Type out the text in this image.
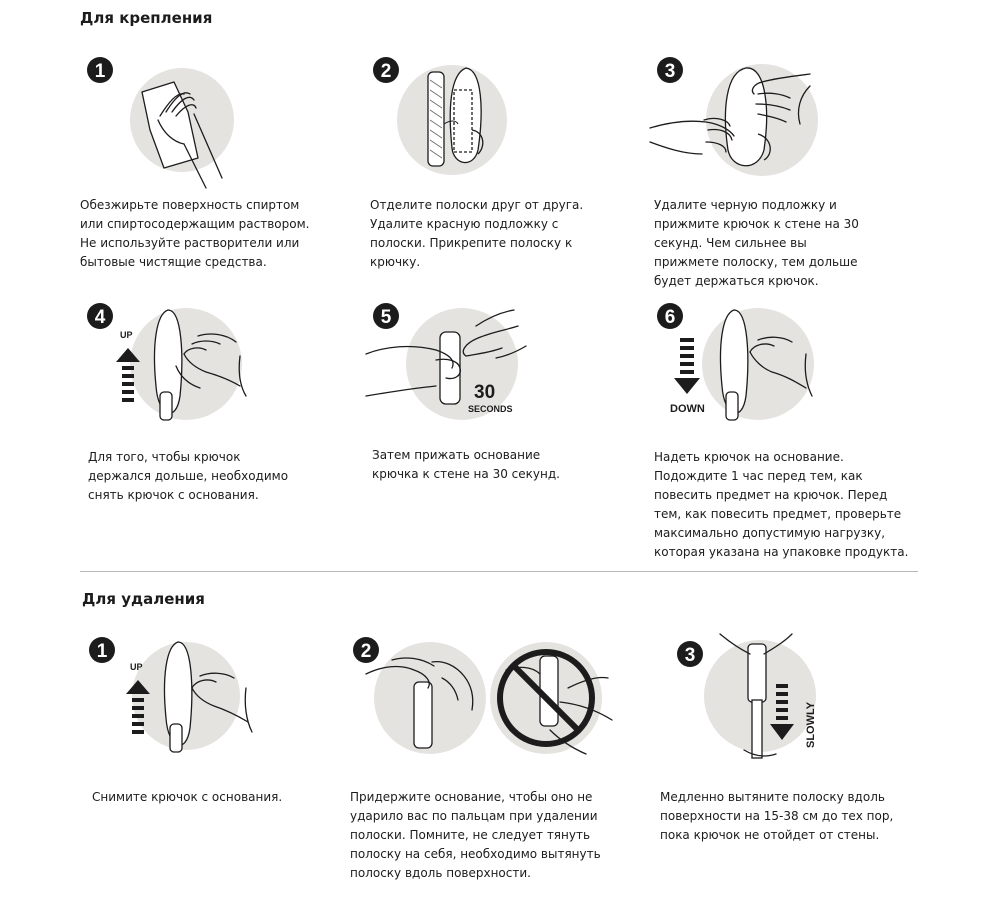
Для крепления
1
Обезжирьте поверхность спиртом
или спиртосодержащим раствором.
Не используйте растворители или
бытовые чистящие средства.
2
Отделите полоски друг от друга.
Удалите красную подложку с
полоски. Прикрепите полоску к
крючку.
3
Удалите черную подложку и
прижмите крючок к стене на 30
секунд. Чем сильнее вы
прижмете полоску, тем дольше
будет держаться крючок.
UP
4
Для того, чтобы крючок
держался дольше, необходимо
снять крючок с основания.
30
SECONDS
5
Затем прижать основание
крючка к стене на 30 секунд.
DOWN
6
Надеть крючок на основание.
Подождите 1 час перед тем, как
повесить предмет на крючок. Перед
тем, как повесить предмет, проверьте
максимально допустимую нагрузку,
которая указана на упаковке продукта.
Для удаления
UP
1
Снимите крючок с основания.
2
Придержите основание, чтобы оно не
ударило вас по пальцам при удалении
полоски. Помните, не следует тянуть
полоску на себя, необходимо вытянуть
полоску вдоль поверхности.
SLOWLY
3
Медленно вытяните полоску вдоль
поверхности на 15-38 см до тех пор,
пока крючок не отойдет от стены.
